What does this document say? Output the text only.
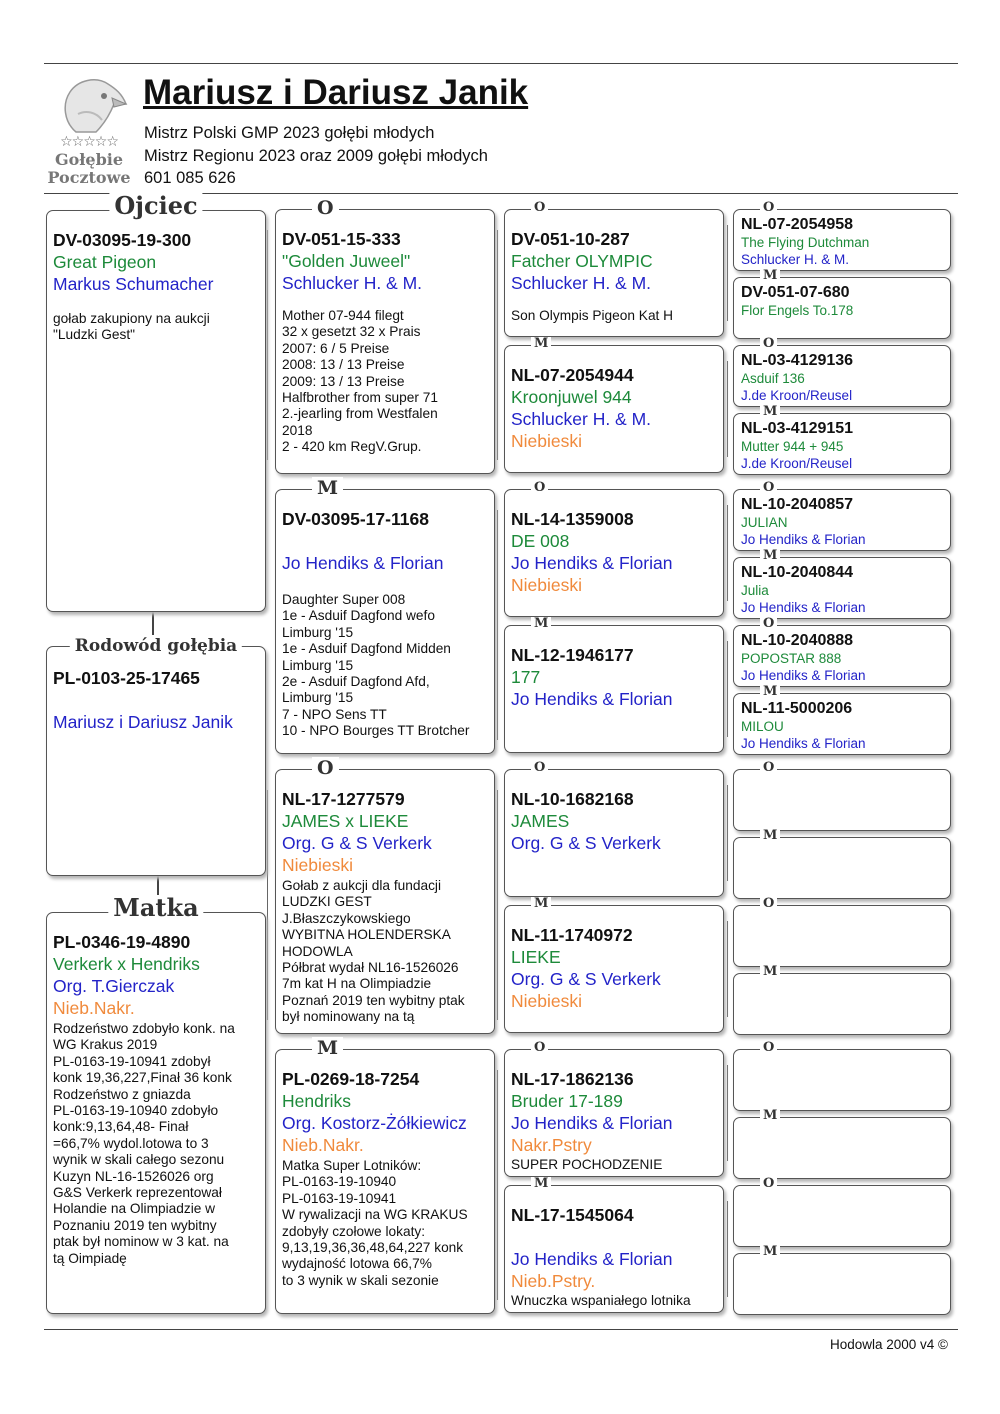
☆☆☆☆☆
Gołębie
Pocztowe
Mariusz i Dariusz Janik
Mistrz Polski GMP 2023 gołębi młodych
Mistrz Regionu 2023 oraz 2009 gołębi młodych
601 085 626
Ojciec
DV-03095-19-300
Great Pigeon
Markus Schumacher
gołab zakupiony na aukcji
"Ludzki Gest"
Rodowód gołębia
PL-0103-25-17465
Mariusz i Dariusz Janik
Matka
PL-0346-19-4890
Verkerk x Hendriks
Org. T.Gierczak
Nieb.Nakr.
Rodzeństwo zdobyło konk. na
WG Krakus 2019
PL-0163-19-10941 zdobył
konk 19,36,227,Finał 36 konk
Rodzeństwo z gniazda
PL-0163-19-10940 zdobyło
konk:9,13,64,48- Finał
=66,7% wydol.lotowa to 3
wynik w skali całego sezonu
Kuzyn NL-16-1526026 org
G&S Verkerk reprezentował
Holandie na Olimpiadzie w
Poznaniu 2019 ten wybitny
ptak był nominow w 3 kat. na
tą Oimpiadę
O
DV-051-15-333
"Golden Juweel"
Schlucker H. & M.
Mother 07-944 filegt
32 x gesetzt 32 x Prais
2007: 6 / 5 Preise
2008: 13 / 13 Preise
2009: 13 / 13 Preise
Halfbrother from super 71
2.-jearling from Westfalen
2018
2 - 420 km RegV.Grup.
M
DV-03095-17-1168
Jo Hendiks & Florian
Daughter Super 008
1e - Asduif Dagfond wefo
Limburg '15
1e - Asduif Dagfond Midden
Limburg '15
2e - Asduif Dagfond Afd,
Limburg '15
7 - NPO Sens TT
10 - NPO Bourges TT Brotcher
O
NL-17-1277579
JAMES x LIEKE
Org. G & S Verkerk
Niebieski
Gołab z aukcji dla fundacji
LUDZKI GEST
J.Błaszczykowskiego
WYBITNA HOLENDERSKA
HODOWLA
Półbrat wydał NL16-1526026
7m kat H na Olimpiadzie
Poznań 2019 ten wybitny ptak
był nominowany na tą
M
PL-0269-18-7254
Hendriks
Org. Kostorz-Żółkiewicz
Nieb.Nakr.
Matka Super Lotników:
PL-0163-19-10940
PL-0163-19-10941
W rywalizacji na WG KRAKUS
zdobyły czołowe lokaty:
9,13,19,36,36,48,64,227 konk
wydajność lotowa 66,7%
to 3 wynik w skali sezonie
O
DV-051-10-287
Fatcher OLYMPIC
Schlucker H. & M.
Son Olympis Pigeon Kat H
M
NL-07-2054944
Kroonjuwel 944
Schlucker H. & M.
Niebieski
O
NL-14-1359008
DE 008
Jo Hendiks & Florian
Niebieski
M
NL-12-1946177
177
Jo Hendiks & Florian
O
NL-10-1682168
JAMES
Org. G & S Verkerk
M
NL-11-1740972
LIEKE
Org. G & S Verkerk
Niebieski
O
NL-17-1862136
Bruder 17-189
Jo Hendiks & Florian
Nakr.Pstry
SUPER POCHODZENIE
M
NL-17-1545064
Jo Hendiks & Florian
Nieb.Pstry.
Wnuczka wspaniałego lotnika
O
NL-07-2054958
The Flying Dutchman
Schlucker H. & M.
M
DV-051-07-680
Flor Engels To.178
O
NL-03-4129136
Asduif 136
J.de Kroon/Reusel
M
NL-03-4129151
Mutter 944 + 945
J.de Kroon/Reusel
O
NL-10-2040857
JULIAN
Jo Hendiks & Florian
M
NL-10-2040844
Julia
Jo Hendiks & Florian
O
NL-10-2040888
POPOSTAR 888
Jo Hendiks & Florian
M
NL-11-5000206
MILOU
Jo Hendiks & Florian
O
M
O
M
O
M
O
M
Hodowla 2000 v4 ©
